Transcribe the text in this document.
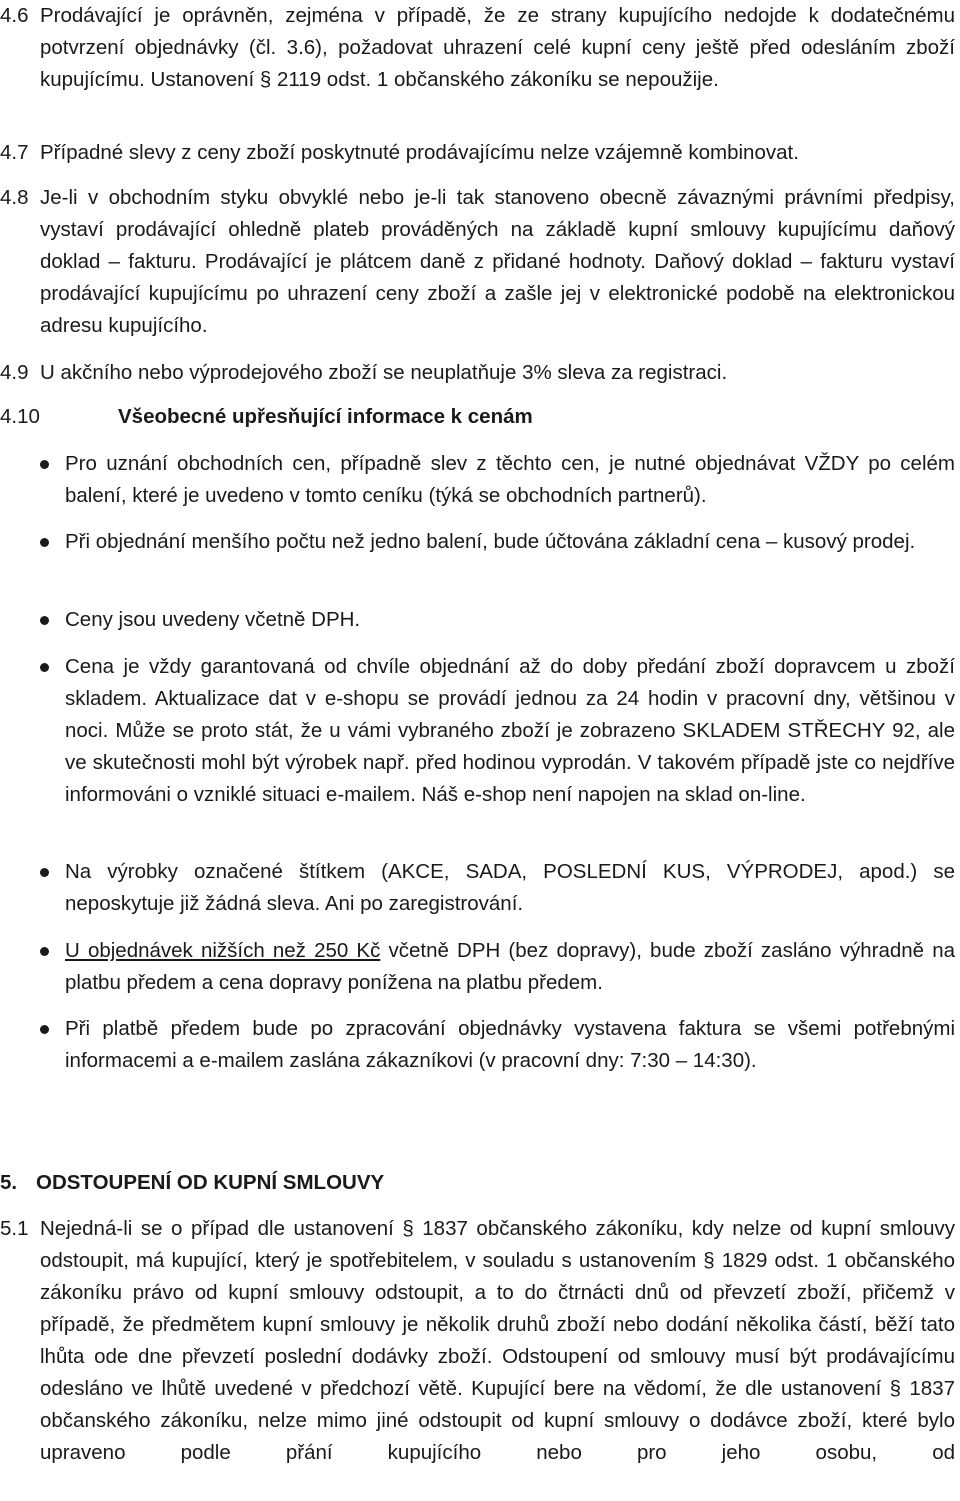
4.6 Prodávající je oprávněn, zejména v případě, že ze strany kupujícího nedojde k dodatečnému potvrzení objednávky (čl. 3.6), požadovat uhrazení celé kupní ceny ještě před odesláním zboží kupujícímu. Ustanovení § 2119 odst. 1 občanského zákoníku se nepoužije.
4.7 Případné slevy z ceny zboží poskytnuté prodávajícímu nelze vzájemně kombinovat.
4.8 Je-li v obchodním styku obvyklé nebo je-li tak stanoveno obecně závaznými právními předpisy, vystaví prodávající ohledně plateb prováděných na základě kupní smlouvy kupujícímu daňový doklad – fakturu. Prodávající je plátcem daně z přidané hodnoty. Daňový doklad – fakturu vystaví prodávající kupujícímu po uhrazení ceny zboží a zašle jej v elektronické podobě na elektronickou adresu kupujícího.
4.9 U akčního nebo výprodejového zboží se neuplatňuje 3% sleva za registraci.
4.10	Všeobecné upřesňující informace k cenám
Pro uznání obchodních cen, případně slev z těchto cen, je nutné objednávat VŽDY po celém balení, které je uvedeno v tomto ceníku (týká se obchodních partnerů).
Při objednání menšího počtu než jedno balení, bude účtována základní cena – kusový prodej.
Ceny jsou uvedeny včetně DPH.
Cena je vždy garantovaná od chvíle objednání až do doby předání zboží dopravcem u zboží skladem. Aktualizace dat v e-shopu se provádí jednou za 24 hodin v pracovní dny, většinou v noci. Může se proto stát, že u vámi vybraného zboží je zobrazeno SKLADEM STŘECHY 92, ale ve skutečnosti mohl být výrobek např. před hodinou vyprodán. V takovém případě jste co nejdříve informováni o vzniklé situaci e-mailem. Náš e-shop není napojen na sklad on-line.
Na výrobky označené štítkem (AKCE, SADA, POSLEDNÍ KUS, VÝPRODEJ, apod.) se neposkytuje již žádná sleva. Ani po zaregistrování.
U objednávek nižších než 250 Kč včetně DPH (bez dopravy), bude zboží zasláno výhradně na platbu předem a cena dopravy ponížena na platbu předem.
Při platbě předem bude po zpracování objednávky vystavena faktura se všemi potřebnými informacemi a e-mailem zaslána zákazníkovi (v pracovní dny: 7:30 – 14:30).
5. ODSTOUPENÍ OD KUPNÍ SMLOUVY
5.1 Nejedná-li se o případ dle ustanovení § 1837 občanského zákoníku, kdy nelze od kupní smlouvy odstoupit, má kupující, který je spotřebitelem, v souladu s ustanovením § 1829 odst. 1 občanského zákoníku právo od kupní smlouvy odstoupit, a to do čtrnácti dnů od převzetí zboží, přičemž v případě, že předmětem kupní smlouvy je několik druhů zboží nebo dodání několika částí, běží tato lhůta ode dne převzetí poslední dodávky zboží. Odstoupení od smlouvy musí být prodávajícímu odesláno ve lhůtě uvedené v předchozí větě. Kupující bere na vědomí, že dle ustanovení § 1837 občanského zákoníku, nelze mimo jiné odstoupit od kupní smlouvy o dodávce zboží, které bylo upraveno podle přání kupujícího nebo pro jeho osobu, od
